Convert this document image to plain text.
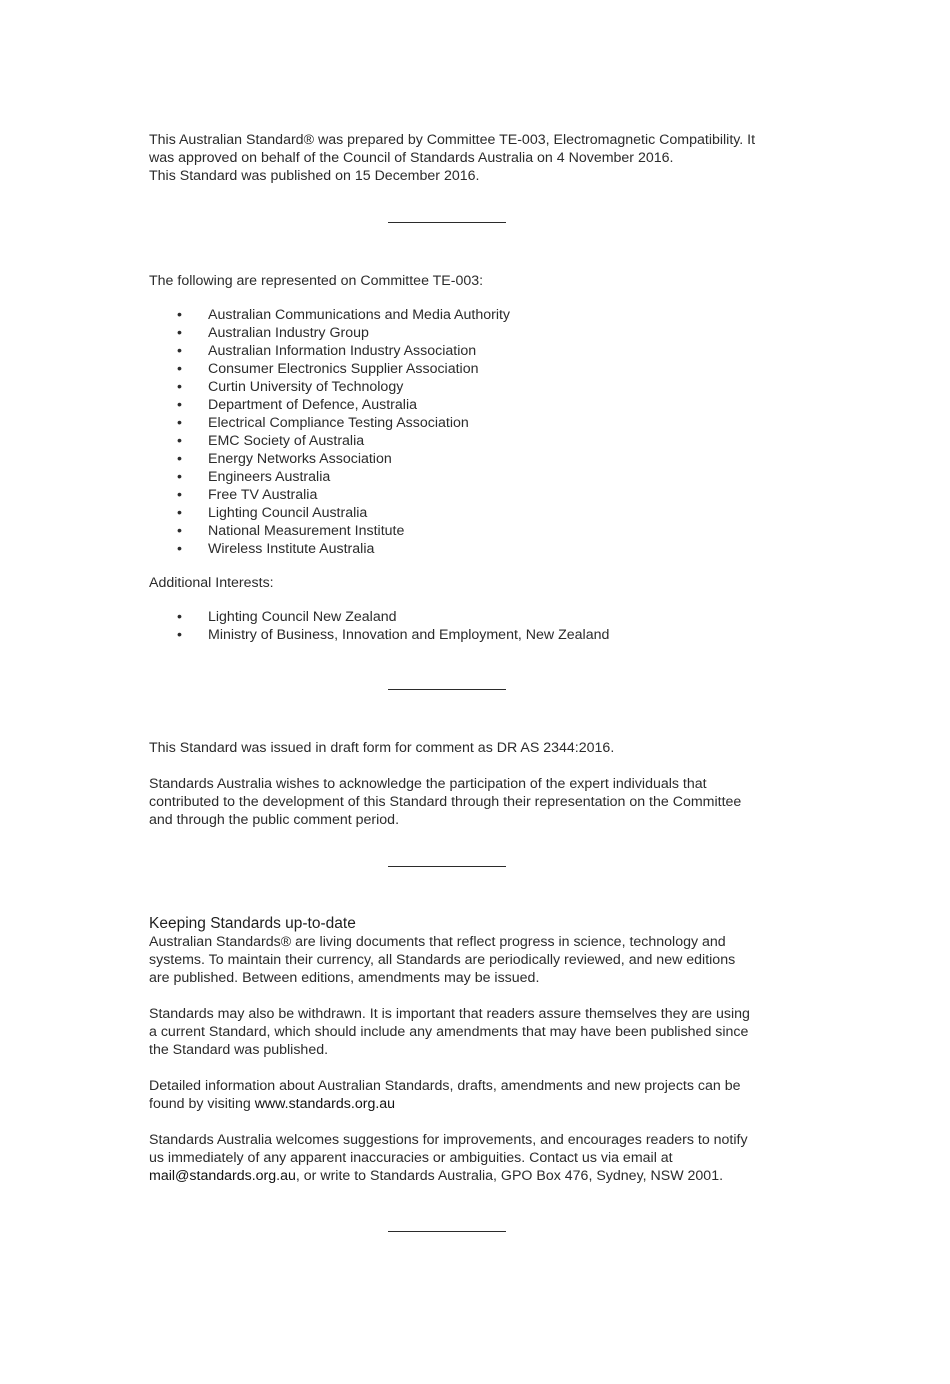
This Australian Standard® was prepared by Committee TE-003, Electromagnetic Compatibility. It was approved on behalf of the Council of Standards Australia on 4 November 2016.

This Standard was published on 15 December 2016.

The following are represented on Committee TE-003:

• Australian Communications and Media Authority
• Australian Industry Group
• Australian Information Industry Association
• Consumer Electronics Supplier Association
• Curtin University of Technology
• Department of Defence, Australia
• Electrical Compliance Testing Association
• EMC Society of Australia
• Energy Networks Association
• Engineers Australia
• Free TV Australia
• Lighting Council Australia
• National Measurement Institute
• Wireless Institute Australia

Additional Interests:

• Lighting Council New Zealand
• Ministry of Business, Innovation and Employment, New Zealand

This Standard was issued in draft form for comment as DR AS 2344:2016.

Standards Australia wishes to acknowledge the participation of the expert individuals that contributed to the development of this Standard through their representation on the Committee and through the public comment period.

Keeping Standards up-to-date

Australian Standards® are living documents that reflect progress in science, technology and systems. To maintain their currency, all Standards are periodically reviewed, and new editions are published. Between editions, amendments may be issued.

Standards may also be withdrawn. It is important that readers assure themselves they are using a current Standard, which should include any amendments that may have been published since the Standard was published.

Detailed information about Australian Standards, drafts, amendments and new projects can be found by visiting www.standards.org.au

Standards Australia welcomes suggestions for improvements, and encourages readers to notify us immediately of any apparent inaccuracies or ambiguities. Contact us via email at mail@standards.org.au, or write to Standards Australia, GPO Box 476, Sydney, NSW 2001.
